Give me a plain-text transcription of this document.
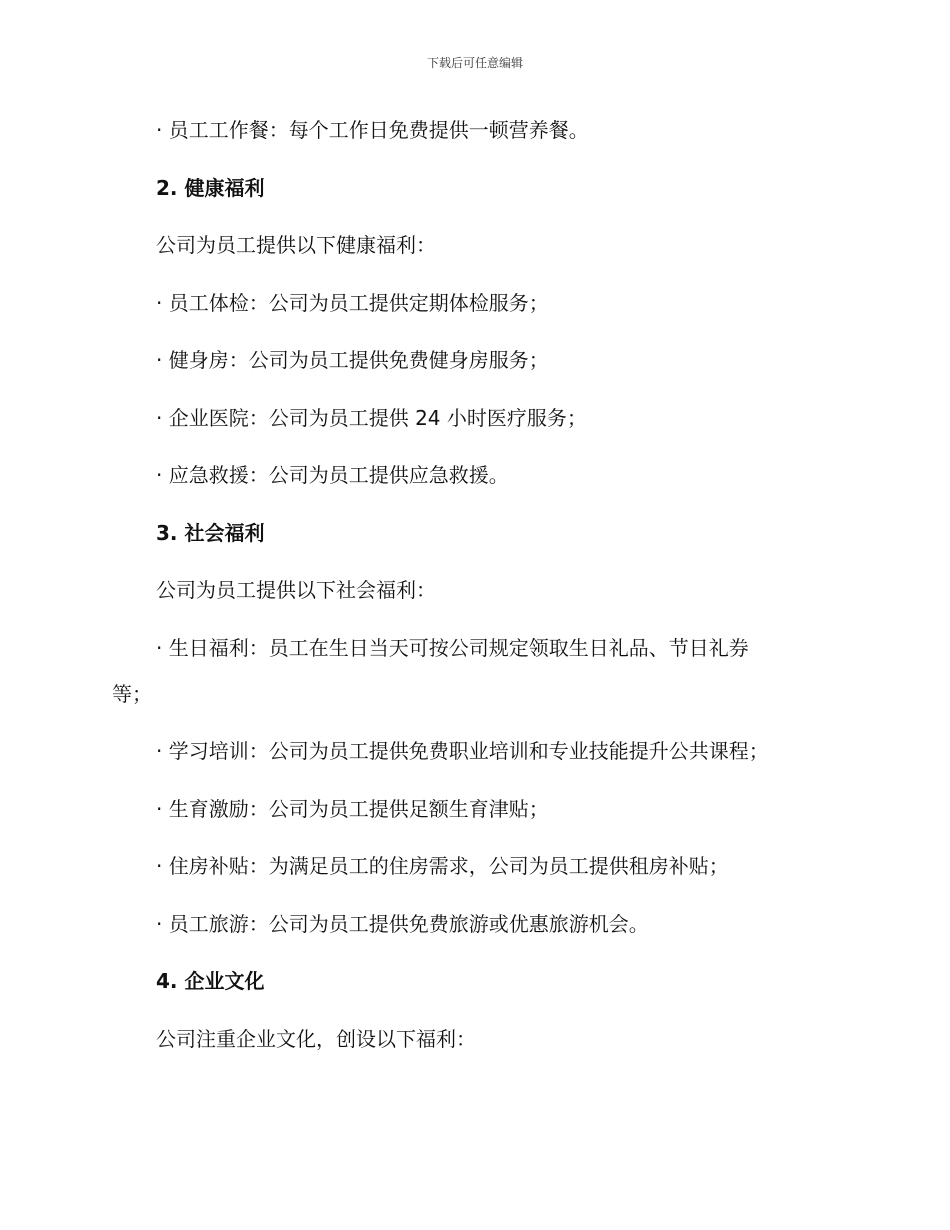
下载后可任意编辑
· 员工工作餐：每个工作日免费提供一顿营养餐。
2. 健康福利
公司为员工提供以下健康福利：
· 员工体检：公司为员工提供定期体检服务；
· 健身房：公司为员工提供免费健身房服务；
· 企业医院：公司为员工提供 24 小时医疗服务；
· 应急救援：公司为员工提供应急救援。
3. 社会福利
公司为员工提供以下社会福利：
· 生日福利：员工在生日当天可按公司规定领取生日礼品、节日礼券
等；
· 学习培训：公司为员工提供免费职业培训和专业技能提升公共课程；
· 生育激励：公司为员工提供足额生育津贴；
· 住房补贴：为满足员工的住房需求，公司为员工提供租房补贴；
· 员工旅游：公司为员工提供免费旅游或优惠旅游机会。
4. 企业文化
公司注重企业文化，创设以下福利：
